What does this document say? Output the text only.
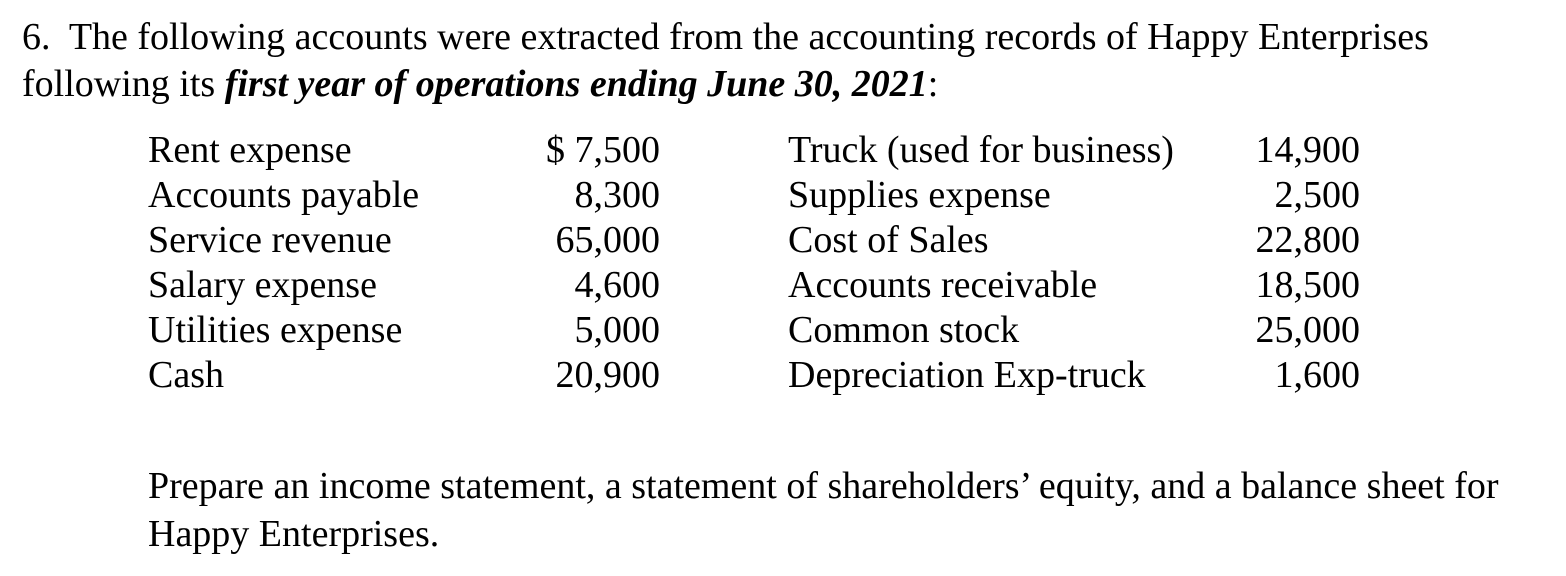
6. The following accounts were extracted from the accounting records of Happy Enterprises following its first year of operations ending June 30, 2021:

Rent expense	$ 7,500		Truck (used for business)	14,900
Accounts payable	8,300		Supplies expense	2,500
Service revenue	65,000		Cost of Sales	22,800
Salary expense	4,600		Accounts receivable	18,500
Utilities expense	5,000		Common stock	25,000
Cash	20,900		Depreciation Exp-truck	1,600

Prepare an income statement, a statement of shareholders’ equity, and a balance sheet for Happy Enterprises.
